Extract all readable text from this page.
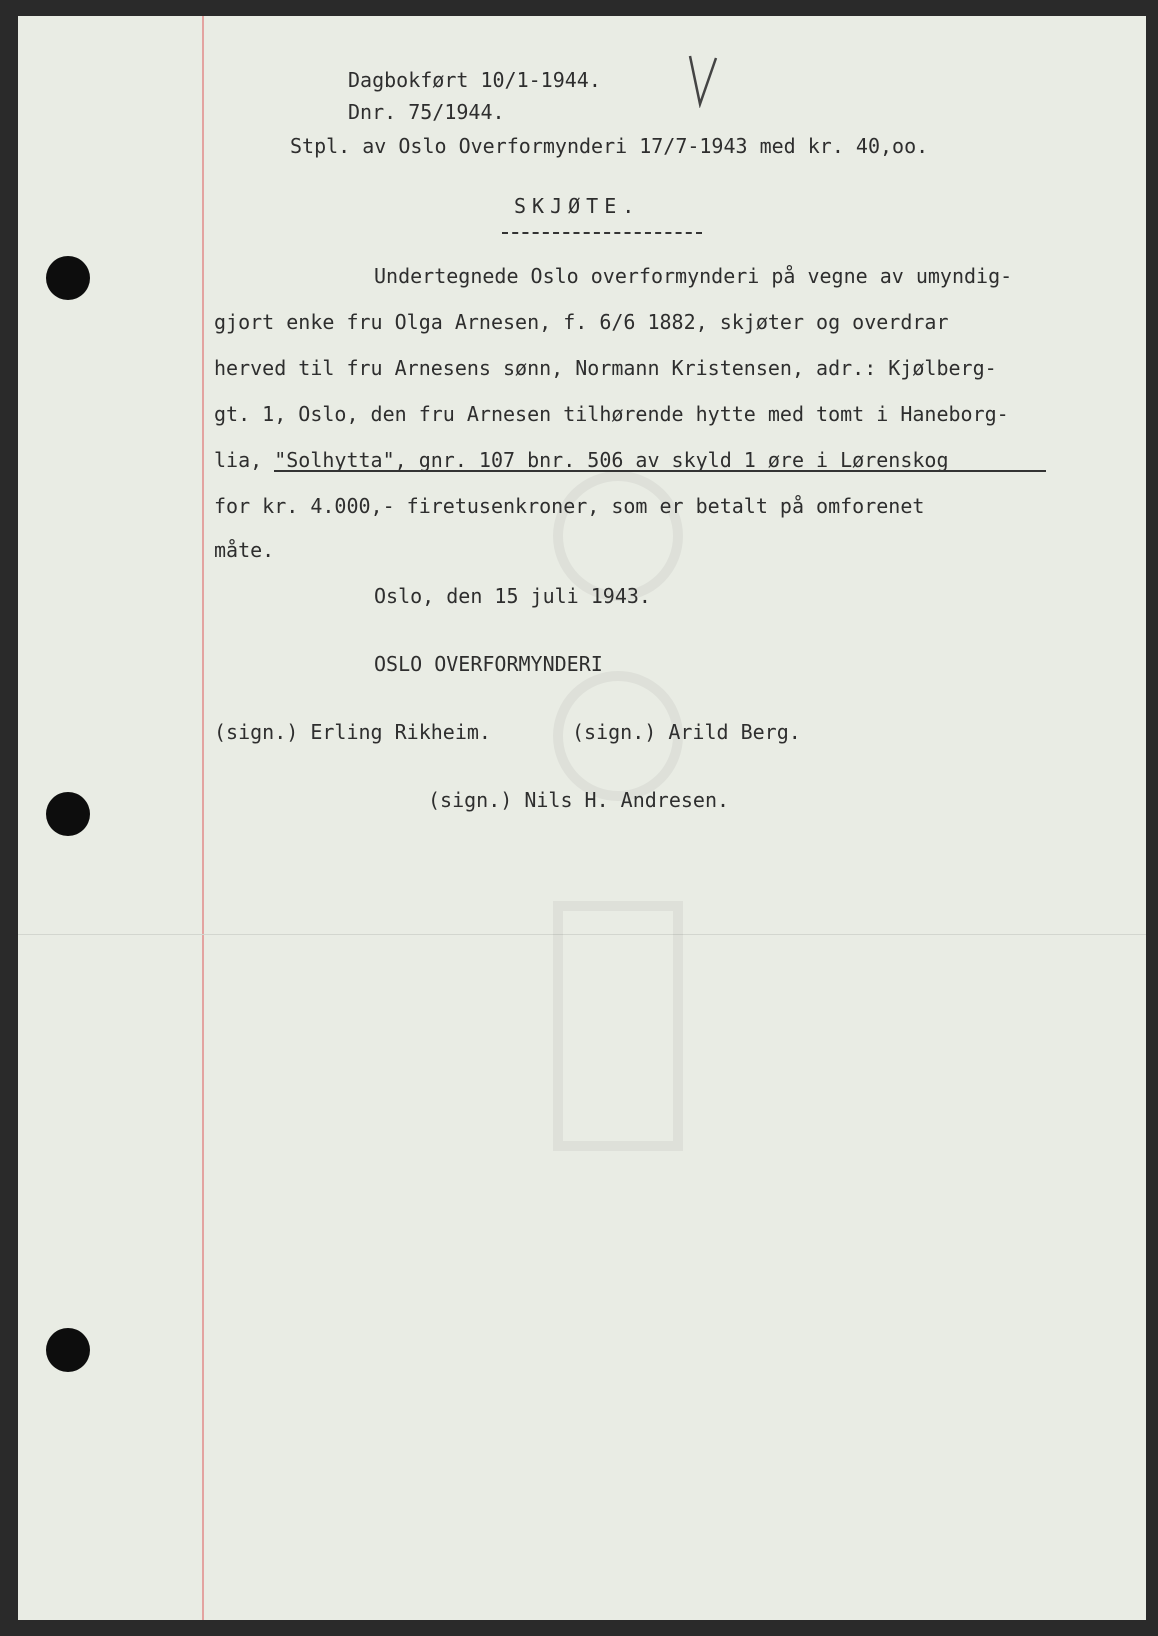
Dagbokført 10/1-1944.
Dnr. 75/1944.
Stpl. av Oslo Overformynderi 17/7-1943 med kr. 40,oo.
SKJØTE.
Undertegnede Oslo overformynderi på vegne av umyndig-
gjort enke fru Olga Arnesen, f. 6/6 1882, skjøter og overdrar
herved til fru Arnesens sønn, Normann Kristensen, adr.: Kjølberg-
gt. 1, Oslo, den fru Arnesen tilhørende hytte med tomt i Haneborg-
lia, "Solhytta", gnr. 107 bnr. 506 av skyld 1 øre i Lørenskog
for kr. 4.000,- firetusenkroner, som er betalt på omforenet
måte.
Oslo, den 15 juli 1943.
OSLO OVERFORMYNDERI
(sign.) Erling Rikheim.	(sign.) Arild Berg.
(sign.) Nils H. Andresen.
